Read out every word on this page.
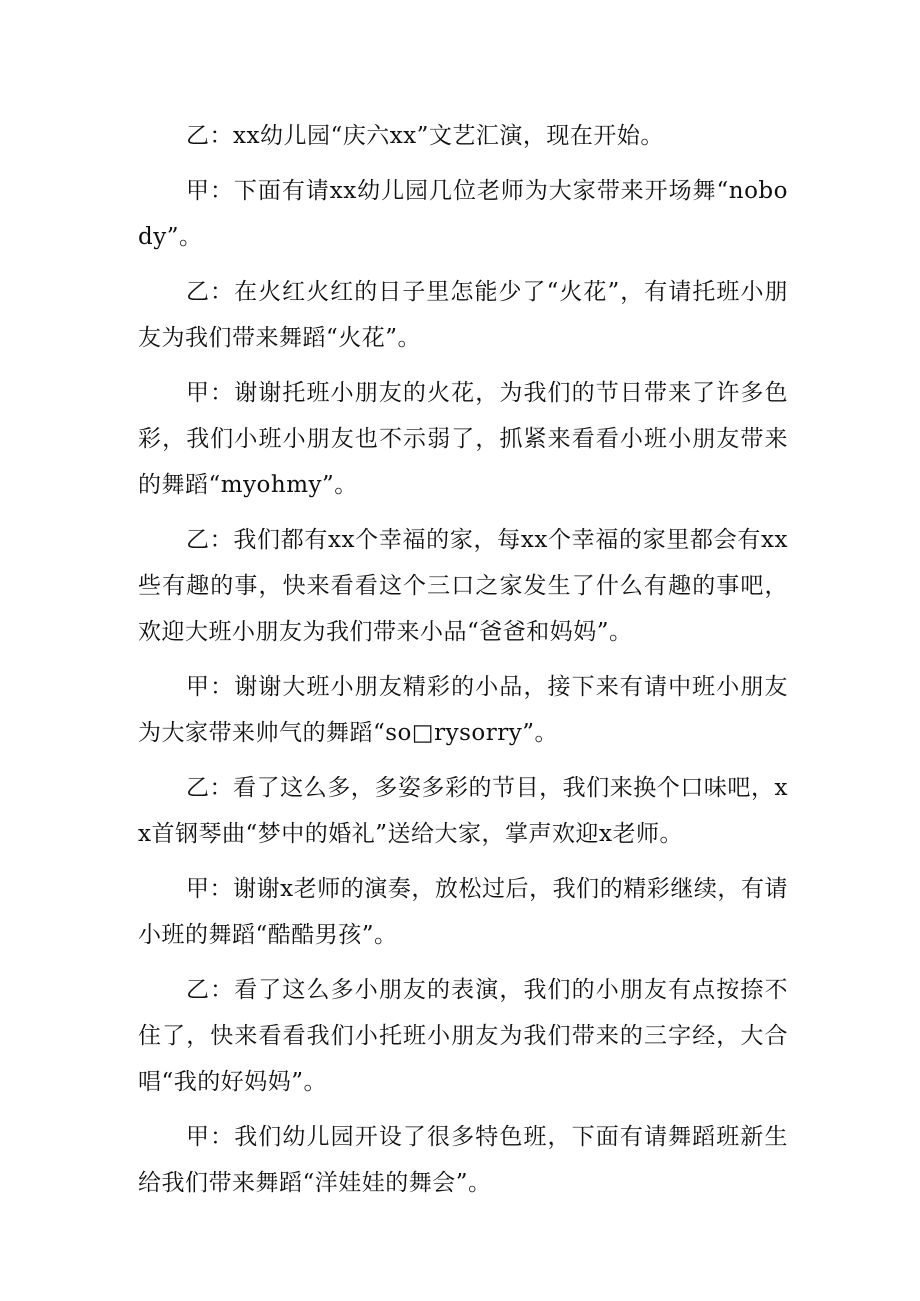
乙：xx幼儿园“庆六xx”文艺汇演，现在开始。

甲：下面有请xx幼儿园几位老师为大家带来开场舞“nobody”。

乙：在火红火红的日子里怎能少了“火花”，有请托班小朋友为我们带来舞蹈“火花”。

甲：谢谢托班小朋友的火花，为我们的节日带来了许多色彩，我们小班小朋友也不示弱了，抓紧来看看小班小朋友带来的舞蹈“myohmy”。

乙：我们都有xx个幸福的家，每xx个幸福的家里都会有xx些有趣的事，快来看看这个三口之家发生了什么有趣的事吧，欢迎大班小朋友为我们带来小品“爸爸和妈妈”。

甲：谢谢大班小朋友精彩的小品，接下来有请中班小朋友为大家带来帅气的舞蹈“so□rysorry”。

乙：看了这么多，多姿多彩的节目，我们来换个口味吧，xx首钢琴曲“梦中的婚礼”送给大家，掌声欢迎x老师。

甲：谢谢x老师的演奏，放松过后，我们的精彩继续，有请小班的舞蹈“酷酷男孩”。

乙：看了这么多小朋友的表演，我们的小朋友有点按捺不住了，快来看看我们小托班小朋友为我们带来的三字经，大合唱“我的好妈妈”。

甲：我们幼儿园开设了很多特色班，下面有请舞蹈班新生给我们带来舞蹈“洋娃娃的舞会”。
